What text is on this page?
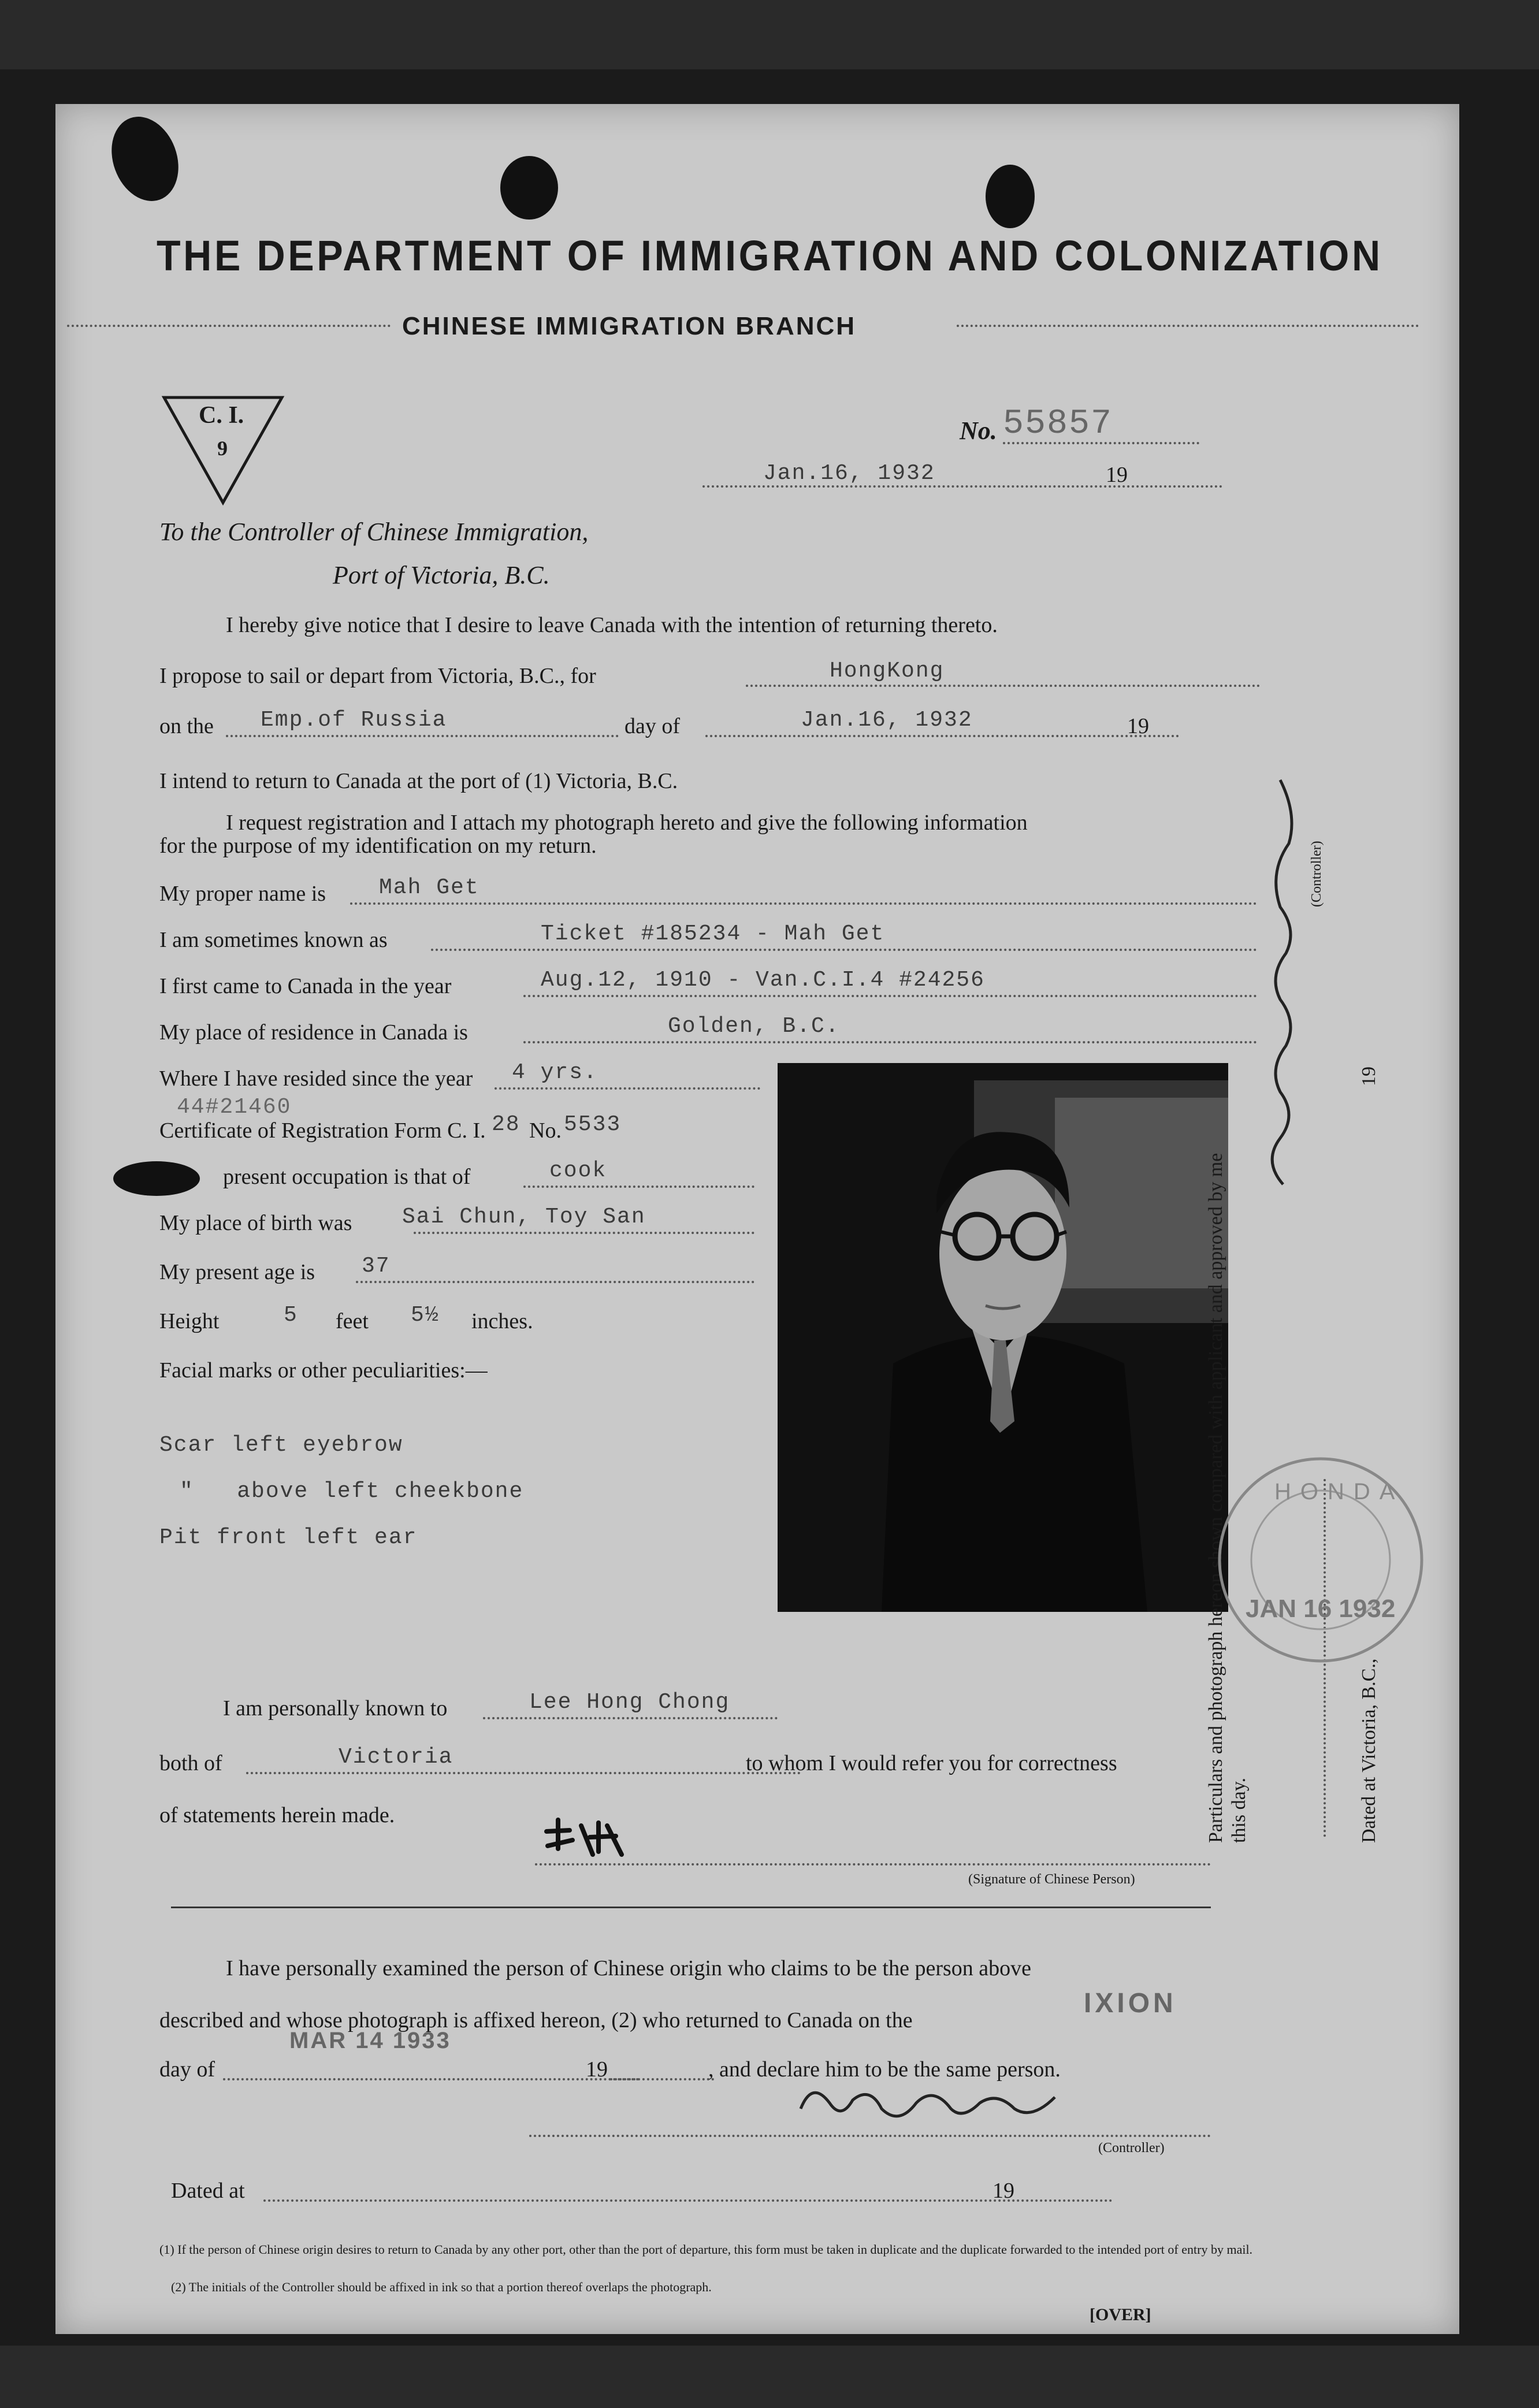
THE DEPARTMENT OF IMMIGRATION AND COLONIZATION
CHINESE IMMIGRATION BRANCH
C. I.
9
No. 55857
Jan.16, 1932	19
To the Controller of Chinese Immigration,
Port of Victoria, B.C.
I hereby give notice that I desire to leave Canada with the intention of returning thereto.
I propose to sail or depart from Victoria, B.C., for	HongKong
on the Emp.of Russia	day of	Jan.16, 1932	19
I intend to return to Canada at the port of (1) Victoria, B.C.
I request registration and I attach my photograph hereto and give the following information
for the purpose of my identification on my return.
My proper name is Mah Get
I am sometimes known as	Ticket #185234 - Mah Get
I first came to Canada in the year	Aug.12, 1910 - Van.C.I.4 #24256
My place of residence in Canada is	Golden, B.C.
Where I have resided since the year 4 yrs.
44#21460
Certificate of Registration Form C. I. 28 No. 5533
present occupation is that of	cook
My place of birth was Sai Chun, Toy San
My present age is 37
Height	5 feet 5½ inches.
Facial marks or other peculiarities:—
Scar left eyebrow
"   above left cheekbone
Pit front left ear
I am personally known to	Lee Hong Chong
both of	Victoria	to whom I would refer you for correctness
of statements herein made.
(Signature of Chinese Person)
Particulars and photograph hereon shown compared with applicant and approved by me this day.
(Controller)
19
Dated at Victoria, B.C.,
HONDA
JAN 16 1932
I have personally examined the person of Chinese origin who claims to be the person above
described and whose photograph is affixed hereon, (2) who returned to Canada on the
IXION
MAR 14 1933
day of	19	, and declare him to be the same person.
(Controller)
Dated at	19
(1) If the person of Chinese origin desires to return to Canada by any other port, other than the port of departure, this form must be taken in duplicate and the duplicate forwarded to the intended port of entry by mail.
(2) The initials of the Controller should be affixed in ink so that a portion thereof overlaps the photograph.
[OVER]
